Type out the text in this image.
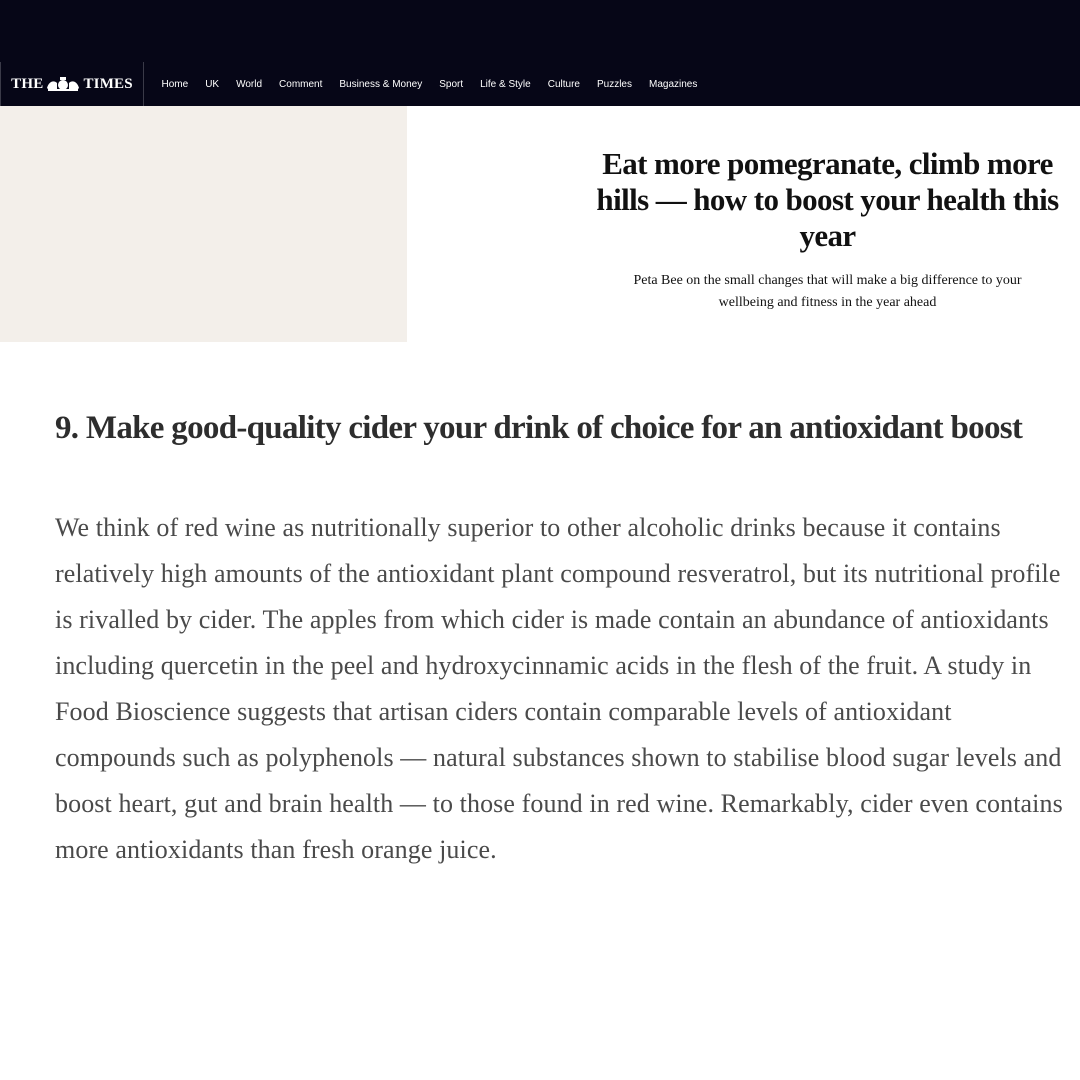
THE	TIMES	Home	UK	World	Comment	Business & Money	Sport	Life & Style	Culture	Puzzles	Magazines
Eat more pomegranate, climb more hills — how to boost your health this year

Peta Bee on the small changes that will make a big difference to your wellbeing and fitness in the year ahead

9. Make good-quality cider your drink of choice for an antioxidant boost

We think of red wine as nutritionally superior to other alcoholic drinks because it contains relatively high amounts of the antioxidant plant compound resveratrol, but its nutritional profile is rivalled by cider. The apples from which cider is made contain an abundance of antioxidants including quercetin in the peel and hydroxycinnamic acids in the flesh of the fruit. A study in Food Bioscience suggests that artisan ciders contain comparable levels of antioxidant compounds such as polyphenols — natural substances shown to stabilise blood sugar levels and boost heart, gut and brain health — to those found in red wine. Remarkably, cider even contains more antioxidants than fresh orange juice.
